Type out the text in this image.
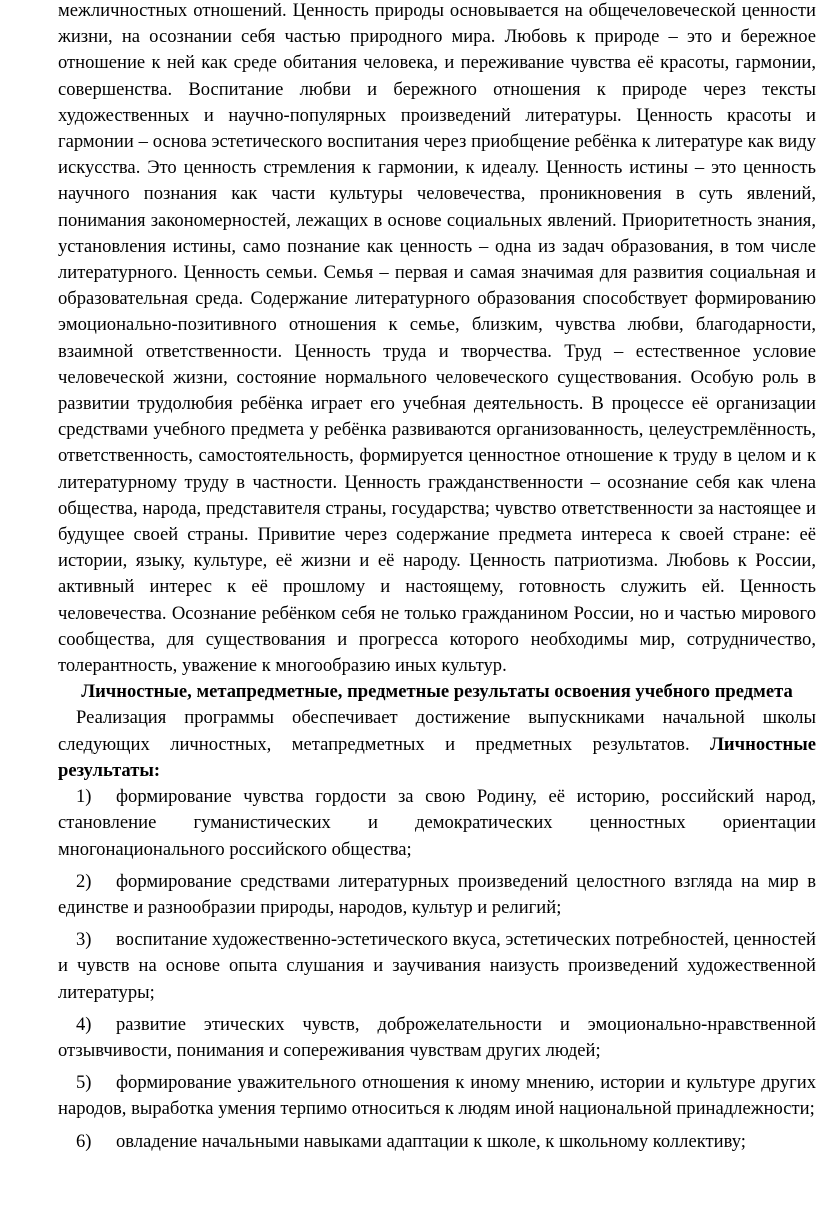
межличностных отношений. Ценность природы основывается на общечеловеческой ценности жизни, на осознании себя частью природного мира. Любовь к природе – это и бережное отношение к ней как среде обитания человека, и переживание чувства её красоты, гармонии, совершенства. Воспитание любви и бережного отношения к природе через тексты художественных и научно-популярных произведений литературы. Ценность красоты и гармонии – основа эстетического воспитания через приобщение ребёнка к литературе как виду искусства. Это ценность стремления к гармонии, к идеалу. Ценность истины – это ценность научного познания как части культуры человечества, проникновения в суть явлений, понимания закономерностей, лежащих в основе социальных явлений. Приоритетность знания, установления истины, само познание как ценность – одна из задач образования, в том числе литературного. Ценность семьи. Семья – первая и самая значимая для развития социальная и образовательная среда. Содержание литературного образования способствует формированию эмоционально-позитивного отношения к семье, близким, чувства любви, благодарности, взаимной ответственности. Ценность труда и творчества. Труд – естественное условие человеческой жизни, состояние нормального человеческого существования. Особую роль в развитии трудолюбия ребёнка играет его учебная деятельность. В процессе её организации средствами учебного предмета у ребёнка развиваются организованность, целеустремлённость, ответственность, самостоятельность, формируется ценностное отношение к труду в целом и к литературному труду в частности. Ценность гражданственности – осознание себя как члена общества, народа, представителя страны, государства; чувство ответственности за настоящее и будущее своей страны. Привитие через содержание предмета интереса к своей стране: её истории, языку, культуре, её жизни и её народу. Ценность патриотизма. Любовь к России, активный интерес к её прошлому и настоящему, готовность служить ей. Ценность человечества. Осознание ребёнком себя не только гражданином России, но и частью мирового сообщества, для существования и прогресса которого необходимы мир, сотрудничество, толерантность, уважение к многообразию иных культур.

Личностные, метапредметные, предметные результаты освоения учебного предмета

Реализация программы обеспечивает достижение выпускниками начальной школы следующих личностных, метапредметных и предметных результатов. Личностные результаты:

1) формирование чувства гордости за свою Родину, её историю, российский народ, становление гуманистических и демократических ценностных ориентации многонационального российского общества;

2) формирование средствами литературных произведений целостного взгляда на мир в единстве и разнообразии природы, народов, культур и религий;

3) воспитание художественно-эстетического вкуса, эстетических потребностей, ценностей и чувств на основе опыта слушания и заучивания наизусть произведений художественной литературы;

4) развитие этических чувств, доброжелательности и эмоционально-нравственной отзывчивости, понимания и сопереживания чувствам других людей;

5) формирование уважительного отношения к иному мнению, истории и культуре других народов, выработка умения терпимо относиться к людям иной национальной принадлежности;

6) овладение начальными навыками адаптации к школе, к школьному коллективу;
